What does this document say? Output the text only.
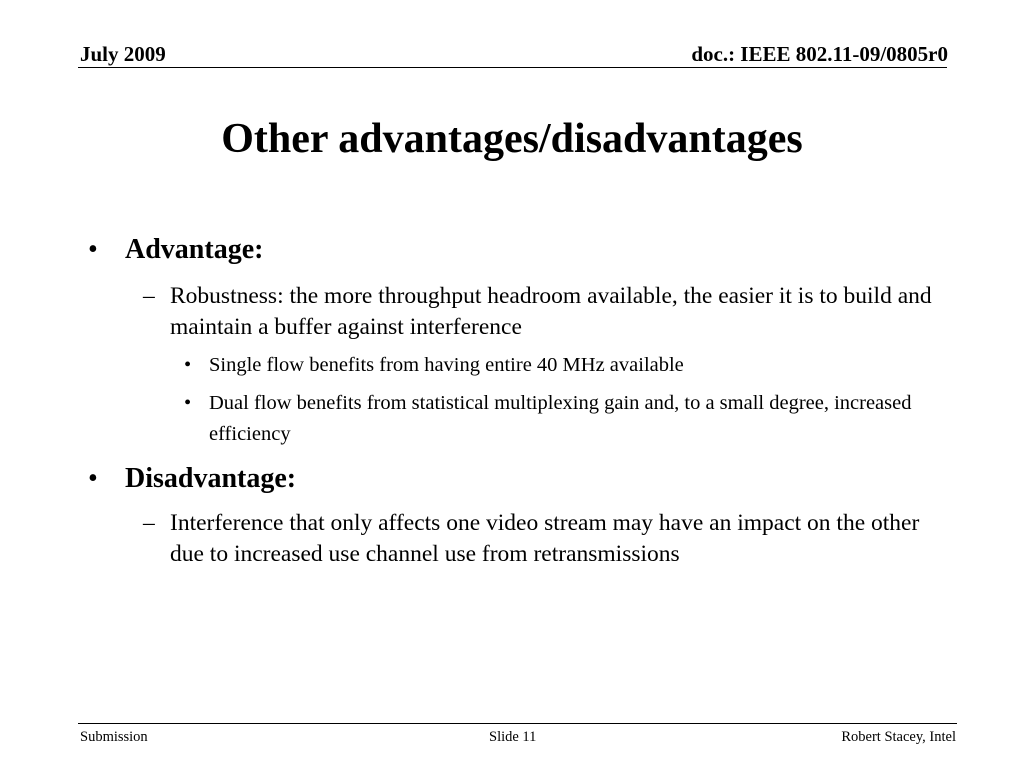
July 2009	doc.: IEEE 802.11-09/0805r0
Other advantages/disadvantages
• Advantage:
– Robustness: the more throughput headroom available, the easier it is to build and maintain a buffer against interference
• Single flow benefits from having entire 40 MHz available
• Dual flow benefits from statistical multiplexing gain and, to a small degree, increased efficiency
• Disadvantage:
– Interference that only affects one video stream may have an impact on the other due to increased use channel use from retransmissions
Submission	Slide 11	Robert Stacey, Intel
